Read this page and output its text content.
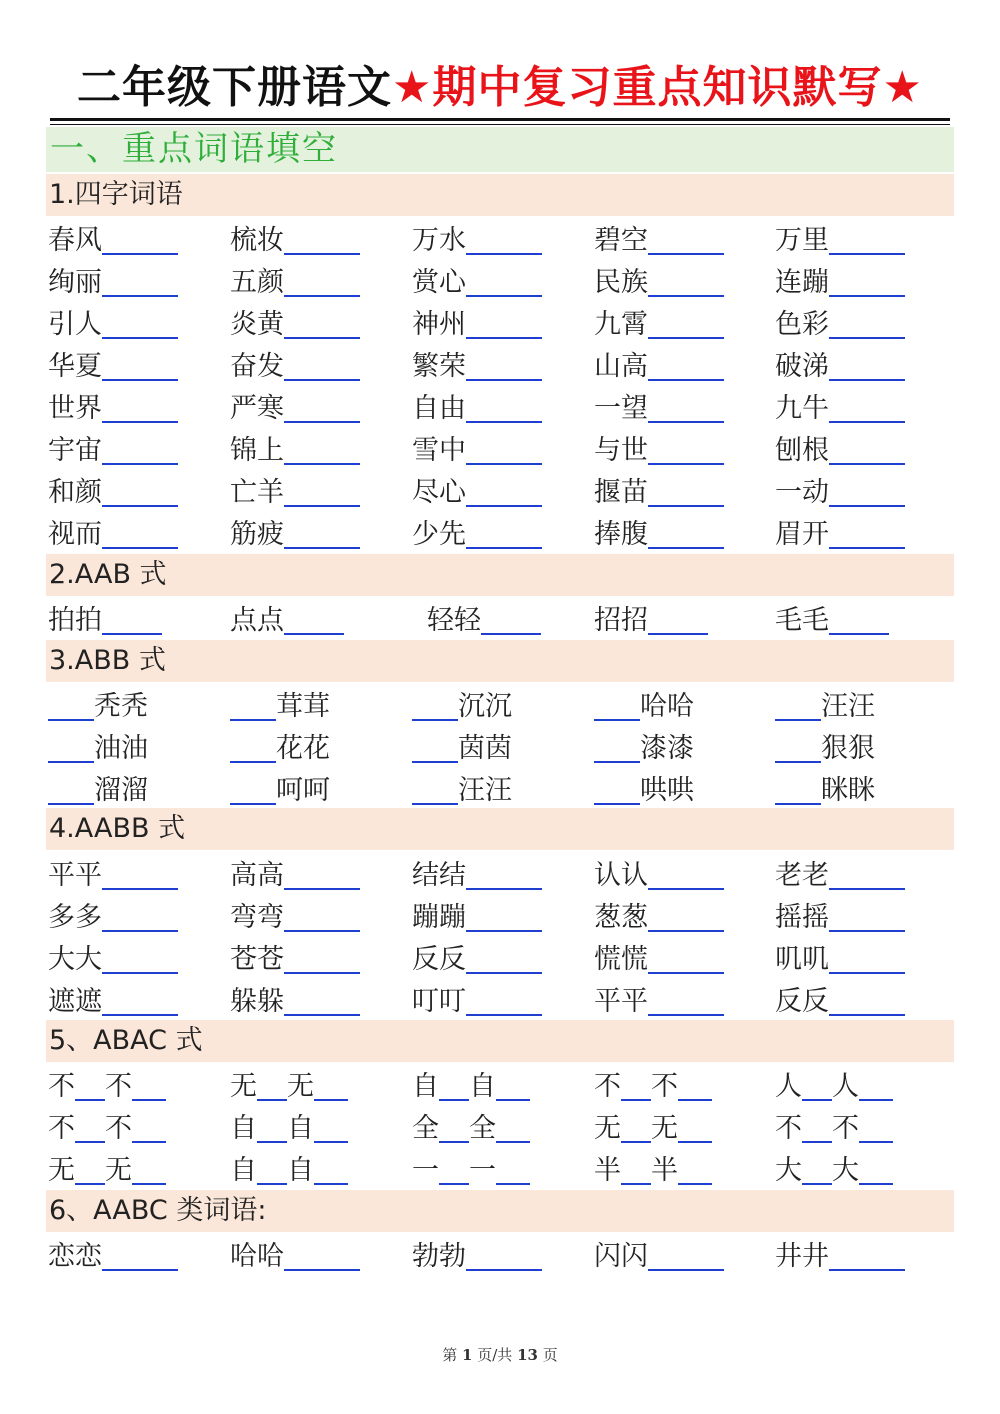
二年级下册语文★期中复习重点知识默写★
一、重点词语填空
1.四字词语
春风	梳妆	万水	碧空	万里
绚丽	五颜	赏心	民族	连蹦
引人	炎黄	神州	九霄	色彩
华夏	奋发	繁荣	山高	破涕
世界	严寒	自由	一望	九牛
宇宙	锦上	雪中	与世	刨根
和颜	亡羊	尽心	揠苗	一动
视而	筋疲	少先	捧腹	眉开
2.AAB 式
拍拍	点点	轻轻	招招	毛毛
3.ABB 式
秃秃	茸茸	沉沉	哈哈	汪汪
油油	花花	茵茵	漆漆	狠狠
溜溜	呵呵	汪汪	哄哄	眯眯
4.AABB 式
平平	高高	结结	认认	老老
多多	弯弯	蹦蹦	葱葱	摇摇
大大	苍苍	反反	慌慌	叽叽
遮遮	躲躲	叮叮	平平	反反
5、ABAC 式
不 不	无 无	自 自	不 不	人 人
不 不	自 自	全 全	无 无	不 不
无 无	自 自	一 一	半 半	大 大
6、AABC 类词语:
恋恋	哈哈	勃勃	闪闪	井井
第 1 页/共 13 页
